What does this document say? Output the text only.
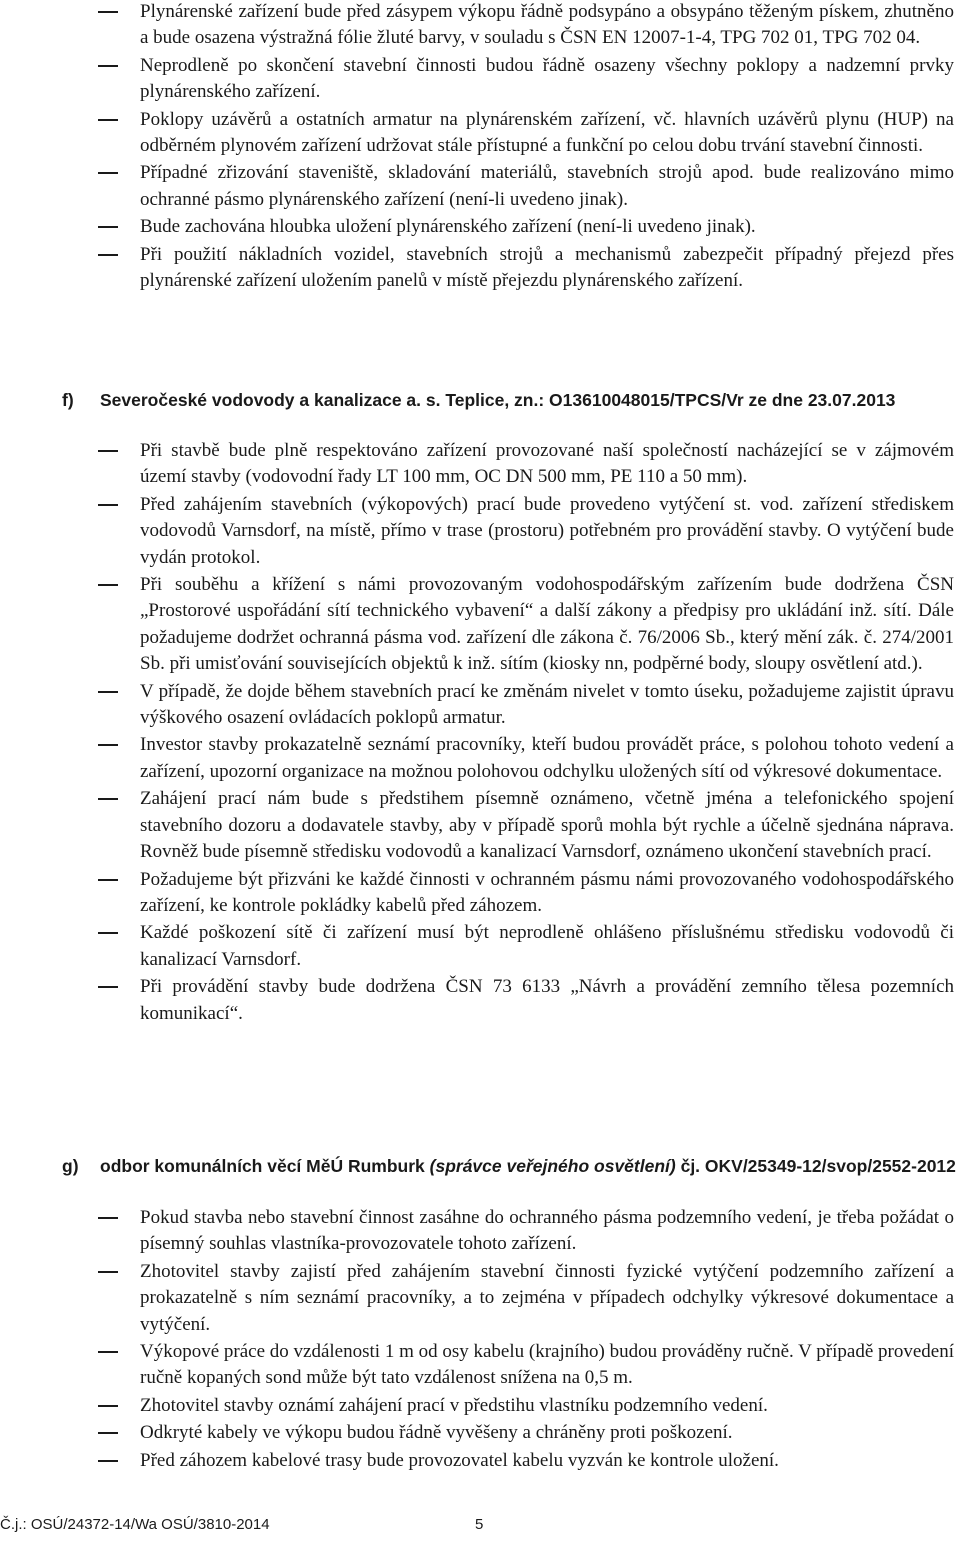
Plynárenské zařízení bude před zásypem výkopu řádně podsypáno a obsypáno těženým pískem, zhutněno a bude osazena výstražná fólie žluté barvy, v souladu s ČSN EN 12007-1-4, TPG 702 01, TPG 702 04.
Neprodleně po skončení stavební činnosti budou řádně osazeny všechny poklopy a nadzemní prvky plynárenského zařízení.
Poklopy uzávěrů a ostatních armatur na plynárenském zařízení, vč. hlavních uzávěrů plynu (HUP) na odběrném plynovém zařízení udržovat stále přístupné a funkční po celou dobu trvání stavební činnosti.
Případné zřizování staveniště, skladování materiálů, stavebních strojů apod. bude realizováno mimo ochranné pásmo plynárenského zařízení (není-li uvedeno jinak).
Bude zachována hloubka uložení plynárenského zařízení (není-li uvedeno jinak).
Při použití nákladních vozidel, stavebních strojů a mechanismů zabezpečit případný přejezd přes plynárenské zařízení uložením panelů v místě přejezdu plynárenského zařízení.
f) Severočeské vodovody a kanalizace a. s. Teplice, zn.: O13610048015/TPCS/Vr ze dne 23.07.2013
Při stavbě bude plně respektováno zařízení provozované naší společností nacházející se v zájmovém území stavby (vodovodní řady LT 100 mm, OC DN 500 mm, PE 110 a 50 mm).
Před zahájením stavebních (výkopových) prací bude provedeno vytýčení st. vod. zařízení střediskem vodovodů Varnsdorf, na místě, přímo v trase (prostoru) potřebném pro provádění stavby. O vytýčení bude vydán protokol.
Při souběhu a křížení s námi provozovaným vodohospodářským zařízením bude dodržena ČSN „Prostorové uspořádání sítí technického vybavení“ a další zákony a předpisy pro ukládání inž. sítí. Dále požadujeme dodržet ochranná pásma vod. zařízení dle zákona č. 76/2006 Sb., který mění zák. č. 274/2001 Sb. při umisťování souvisejících objektů k inž. sítím (kiosky nn, podpěrné body, sloupy osvětlení atd.).
V případě, že dojde během stavebních prací ke změnám nivelet v tomto úseku, požadujeme zajistit úpravu výškového osazení ovládacích poklopů armatur.
Investor stavby prokazatelně seznámí pracovníky, kteří budou provádět práce, s polohou tohoto vedení a zařízení, upozorní organizace na možnou polohovou odchylku uložených sítí od výkresové dokumentace.
Zahájení prací nám bude s předstihem písemně oznámeno, včetně jména a telefonického spojení stavebního dozoru a dodavatele stavby, aby v případě sporů mohla být rychle a účelně sjednána náprava. Rovněž bude písemně středisku vodovodů a kanalizací Varnsdorf, oznámeno ukončení stavebních prací.
Požadujeme být přizváni ke každé činnosti v ochranném pásmu námi provozovaného vodohospodářského zařízení, ke kontrole pokládky kabelů před záhozem.
Každé poškození sítě či zařízení musí být neprodleně ohlášeno příslušnému středisku vodovodů či kanalizací Varnsdorf.
Při provádění stavby bude dodržena ČSN 73 6133 „Návrh a provádění zemního tělesa pozemních komunikací“.
g) odbor komunálních věcí MěÚ Rumburk (správce veřejného osvětlení) čj. OKV/25349-12/svop/2552-2012
Pokud stavba nebo stavební činnost zasáhne do ochranného pásma podzemního vedení, je třeba požádat o písemný souhlas vlastníka-provozovatele tohoto zařízení.
Zhotovitel stavby zajistí před zahájením stavební činnosti fyzické vytýčení podzemního zařízení a prokazatelně s ním seznámí pracovníky, a to zejména v případech odchylky výkresové dokumentace a vytýčení.
Výkopové práce do vzdálenosti 1 m od osy kabelu (krajního) budou prováděny ručně. V případě provedení ručně kopaných sond může být tato vzdálenost snížena na 0,5 m.
Zhotovitel stavby oznámí zahájení prací v předstihu vlastníku podzemního vedení.
Odkryté kabely ve výkopu budou řádně vyvěšeny a chráněny proti poškození.
Před záhozem kabelové trasy bude provozovatel kabelu vyzván ke kontrole uložení.
Č.j.: OSÚ/24372-14/Wa OSÚ/3810-2014	5
